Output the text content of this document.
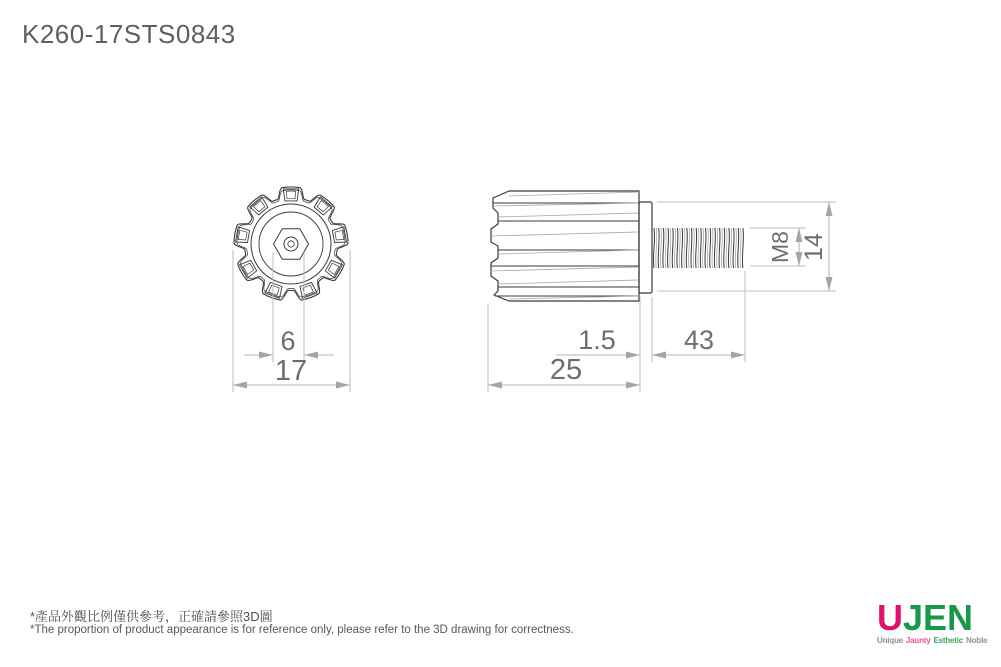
K260-17STS0843
6
17	25
1.5	43
M8 14
*產品外觀比例僅供參考，正確請參照3D圖
*The proportion of product appearance is for reference only, please refer to the 3D drawing for correctness.	UJEN
Unique Jaunty Esthetic Noble
